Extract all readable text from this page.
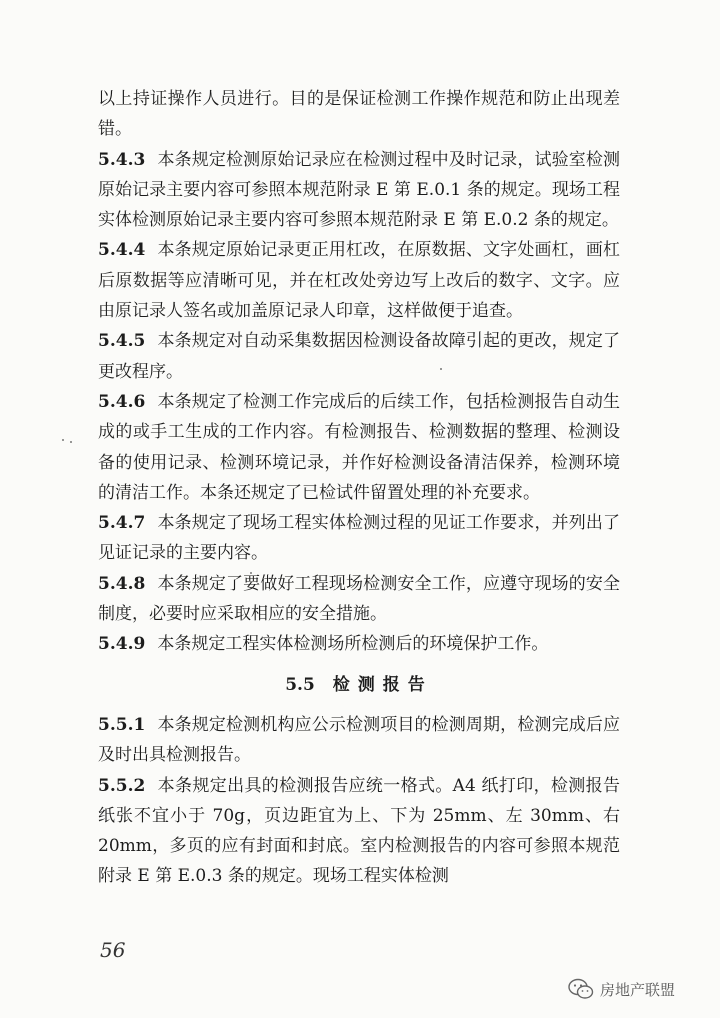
以上持证操作人员进行。目的是保证检测工作操作规范和防止出现差错。

5.4.3 本条规定检测原始记录应在检测过程中及时记录，试验室检测原始记录主要内容可参照本规范附录 E 第 E.0.1 条的规定。现场工程实体检测原始记录主要内容可参照本规范附录 E 第 E.0.2 条的规定。

5.4.4 本条规定原始记录更正用杠改，在原数据、文字处画杠，画杠后原数据等应清晰可见，并在杠改处旁边写上改后的数字、文字。应由原记录人签名或加盖原记录人印章，这样做便于追查。

5.4.5 本条规定对自动采集数据因检测设备故障引起的更改，规定了更改程序。

5.4.6 本条规定了检测工作完成后的后续工作，包括检测报告自动生成的或手工生成的工作内容。有检测报告、检测数据的整理、检测设备的使用记录、检测环境记录，并作好检测设备清洁保养，检测环境的清洁工作。本条还规定了已检试件留置处理的补充要求。

5.4.7 本条规定了现场工程实体检测过程的见证工作要求，并列出了见证记录的主要内容。

5.4.8 本条规定了要做好工程现场检测安全工作，应遵守现场的安全制度，必要时应采取相应的安全措施。

5.4.9 本条规定工程实体检测场所检测后的环境保护工作。

5.5 检测报告

5.5.1 本条规定检测机构应公示检测项目的检测周期，检测完成后应及时出具检测报告。

5.5.2 本条规定出具的检测报告应统一格式。A4 纸打印，检测报告纸张不宜小于 70g，页边距宜为上、下为 25mm、左 30mm、右 20mm，多页的应有封面和封底。室内检测报告的内容可参照本规范附录 E 第 E.0.3 条的规定。现场工程实体检测

56
房地产联盟
